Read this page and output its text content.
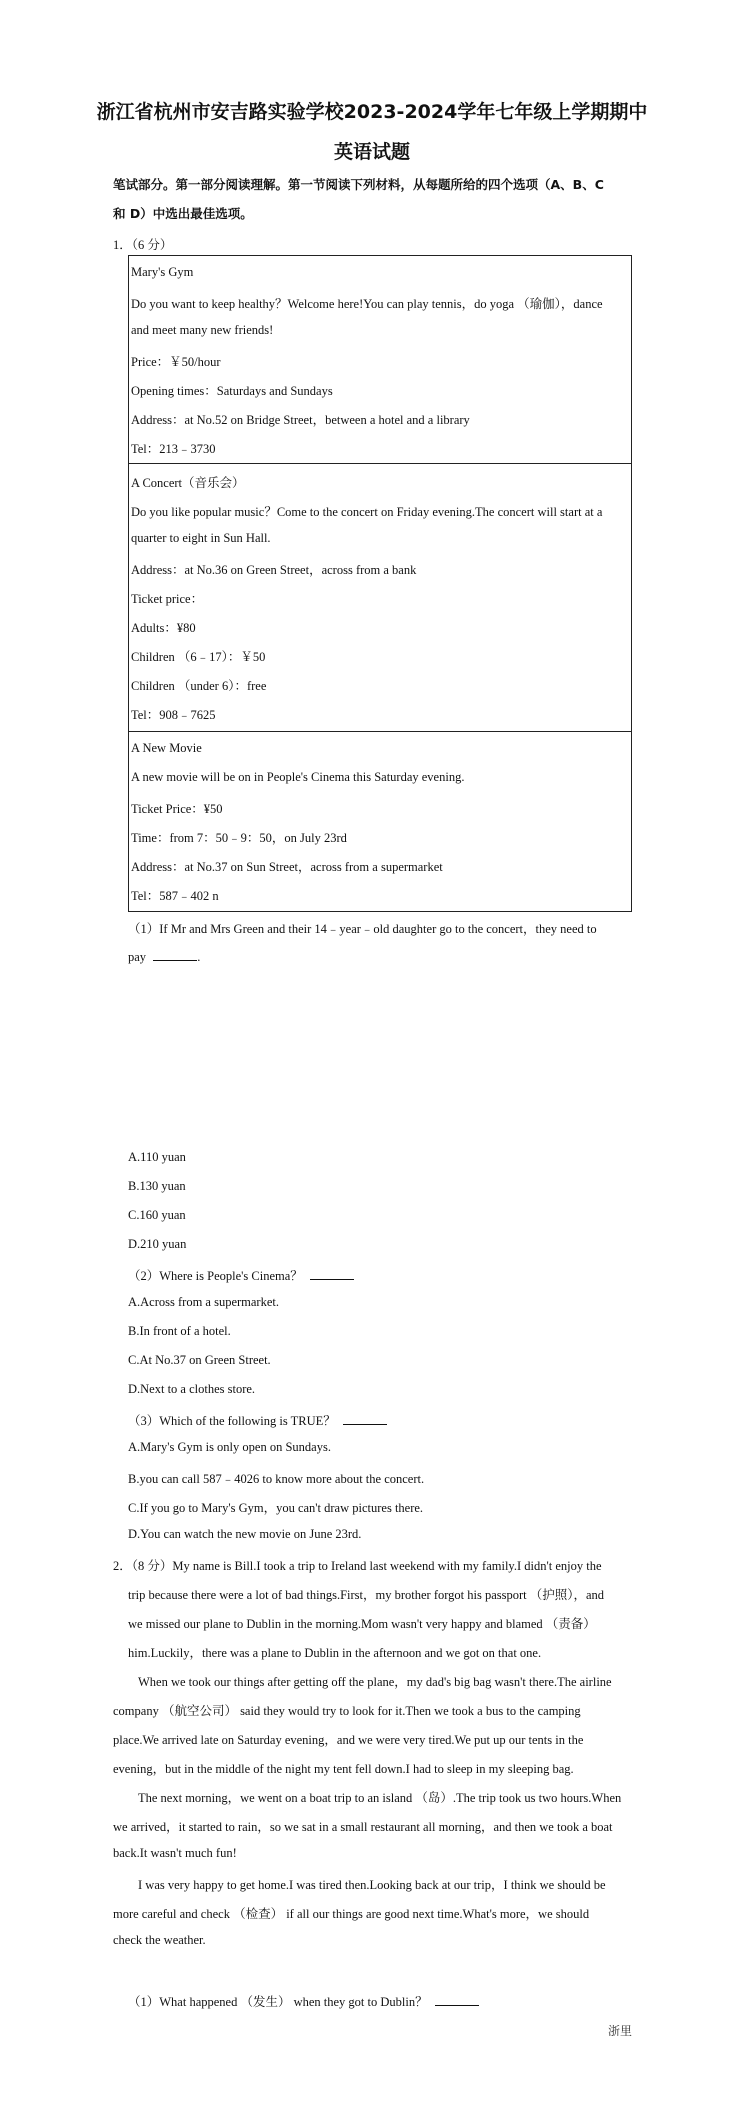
浙江省杭州市安吉路实验学校2023-2024学年七年级上学期期中
英语试题
笔试部分。第一部分阅读理解。第一节阅读下列材料，从每题所给的四个选项（A、B、C
和 D）中选出最佳选项。
1．（6 分）
Mary's Gym
Do you want to keep healthy？Welcome here!You can play tennis，do yoga （瑜伽），dance
and meet many new friends!
Price：￥50/hour
Opening times：Saturdays and Sundays
Address：at No.52 on Bridge Street，between a hotel and a library
Tel：213﹣3730
A Concert（音乐会）
Do you like popular music？Come to the concert on Friday evening.The concert will start at a
quarter to eight in Sun Hall.
Address：at No.36 on Green Street，across from a bank
Ticket price：
Adults：¥80
Children （6﹣17）：￥50
Children （under 6）：free
Tel：908﹣7625
A New Movie
A new movie will be on in People's Cinema this Saturday evening.
Ticket Price：¥50
Time：from 7：50﹣9：50，on July 23rd
Address：at No.37 on Sun Street，across from a supermarket
Tel：587﹣402 n
（1）If Mr and Mrs Green and their 14﹣year﹣old daughter go to the concert，they need to
pay	.
A.110 yuan
B.130 yuan
C.160 yuan
D.210 yuan
（2）Where is People's Cinema？
A.Across from a supermarket.
B.In front of a hotel.
C.At No.37 on Green Street.
D.Next to a clothes store.
（3）Which of the following is TRUE？
A.Mary's Gym is only open on Sundays.
B.you can call 587﹣4026 to know more about the concert.
C.If you go to Mary's Gym，you can't draw pictures there.
D.You can watch the new movie on June 23rd.
2．（8 分）My name is Bill.I took a trip to Ireland last weekend with my family.I didn't enjoy the
trip because there were a lot of bad things.First，my brother forgot his passport （护照），and
we missed our plane to Dublin in the morning.Mom wasn't very happy and blamed （责备）
him.Luckily，there was a plane to Dublin in the afternoon and we got on that one.
When we took our things after getting off the plane，my dad's big bag wasn't there.The airline
company （航空公司） said they would try to look for it.Then we took a bus to the camping
place.We arrived late on Saturday evening，and we were very tired.We put up our tents in the
evening，but in the middle of the night my tent fell down.I had to sleep in my sleeping bag.
The next morning，we went on a boat trip to an island （岛）.The trip took us two hours.When
we arrived，it started to rain，so we sat in a small restaurant all morning，and then we took a boat
back.It wasn't much fun!
I was very happy to get home.I was tired then.Looking back at our trip，I think we should be
more careful and check （检查） if all our things are good next time.What's more，we should
check the weather.
（1）What happened （发生） when they got to Dublin？
浙里
